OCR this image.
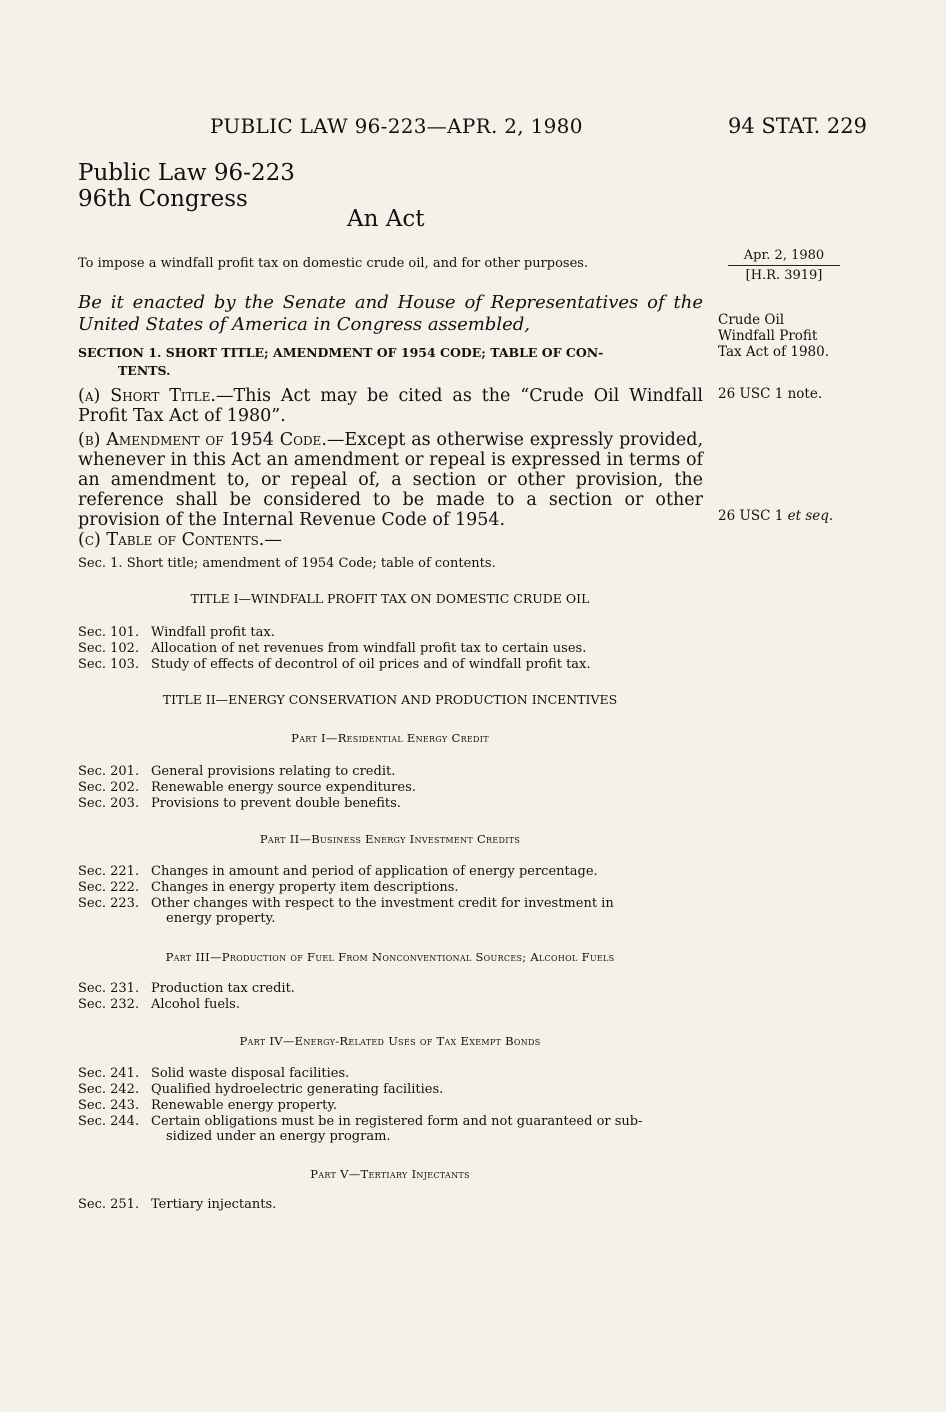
PUBLIC LAW 96-223—APR. 2, 1980	94 STAT. 229
Public Law 96-223
96th Congress
An Act
To impose a windfall profit tax on domestic crude oil, and for other purposes.
Apr. 2, 1980
[H.R. 3919]
Be it enacted by the Senate and House of Representatives of the United States of America in Congress assembled,	Crude Oil Windfall Profit Tax Act of 1980.
SECTION 1. SHORT TITLE; AMENDMENT OF 1954 CODE; TABLE OF CON-
TENTS.
(a) Short Title.—This Act may be cited as the “Crude Oil Windfall Profit Tax Act of 1980”.
26 USC 1 note.
(b) Amendment of 1954 Code.—Except as otherwise expressly provided, whenever in this Act an amendment or repeal is expressed in terms of an amendment to, or repeal of, a section or other provision, the reference shall be considered to be made to a section or other provision of the Internal Revenue Code of 1954.	26 USC 1 et seq.
(c) Table of Contents.—
Sec. 1. Short title; amendment of 1954 Code; table of contents.
TITLE I—WINDFALL PROFIT TAX ON DOMESTIC CRUDE OIL
Sec. 101. Windfall profit tax.
Sec. 102. Allocation of net revenues from windfall profit tax to certain uses.
Sec. 103. Study of effects of decontrol of oil prices and of windfall profit tax.
TITLE II—ENERGY CONSERVATION AND PRODUCTION INCENTIVES
Part I—Residential Energy Credit
Sec. 201. General provisions relating to credit.
Sec. 202. Renewable energy source expenditures.
Sec. 203. Provisions to prevent double benefits.
Part II—Business Energy Investment Credits
Sec. 221. Changes in amount and period of application of energy percentage.
Sec. 222. Changes in energy property item descriptions.
Sec. 223. Other changes with respect to the investment credit for investment in
energy property.
Part III—Production of Fuel From Nonconventional Sources; Alcohol Fuels
Sec. 231. Production tax credit.
Sec. 232. Alcohol fuels.
Part IV—Energy-Related Uses of Tax Exempt Bonds
Sec. 241. Solid waste disposal facilities.
Sec. 242. Qualified hydroelectric generating facilities.
Sec. 243. Renewable energy property.
Sec. 244. Certain obligations must be in registered form and not guaranteed or sub-
sidized under an energy program.
Part V—Tertiary Injectants
Sec. 251. Tertiary injectants.
